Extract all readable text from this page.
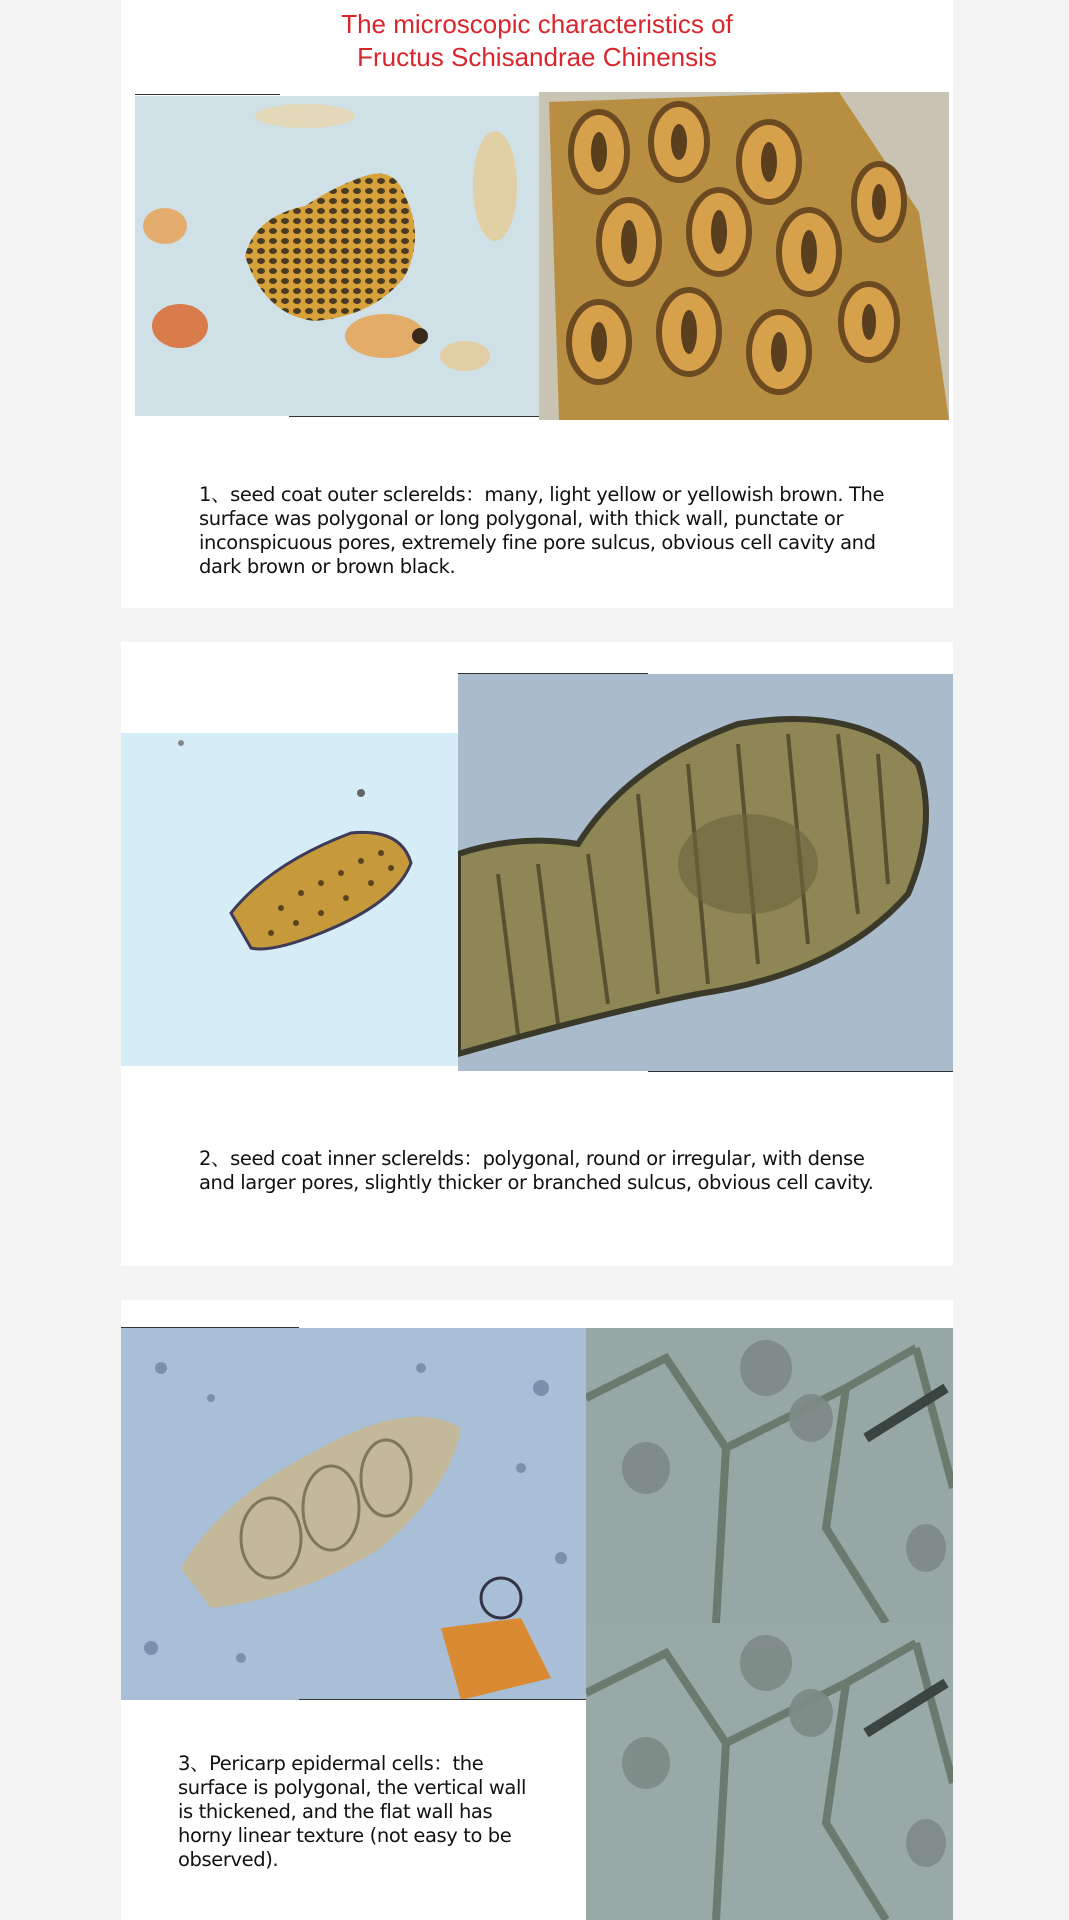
The microscopic characteristics of
Fructus Schisandrae Chinensis
1、seed coat outer sclerelds：many, light yellow or yellowish brown. The surface was polygonal or long polygonal, with thick wall, punctate or inconspicuous pores, extremely fine pore sulcus, obvious cell cavity and dark brown or brown black.
2、seed coat inner sclerelds：polygonal, round or irregular, with dense and larger pores, slightly thicker or branched sulcus, obvious cell cavity.
3、Pericarp epidermal cells：the surface is polygonal, the vertical wall is thickened, and the flat wall has horny linear texture (not easy to be observed).
